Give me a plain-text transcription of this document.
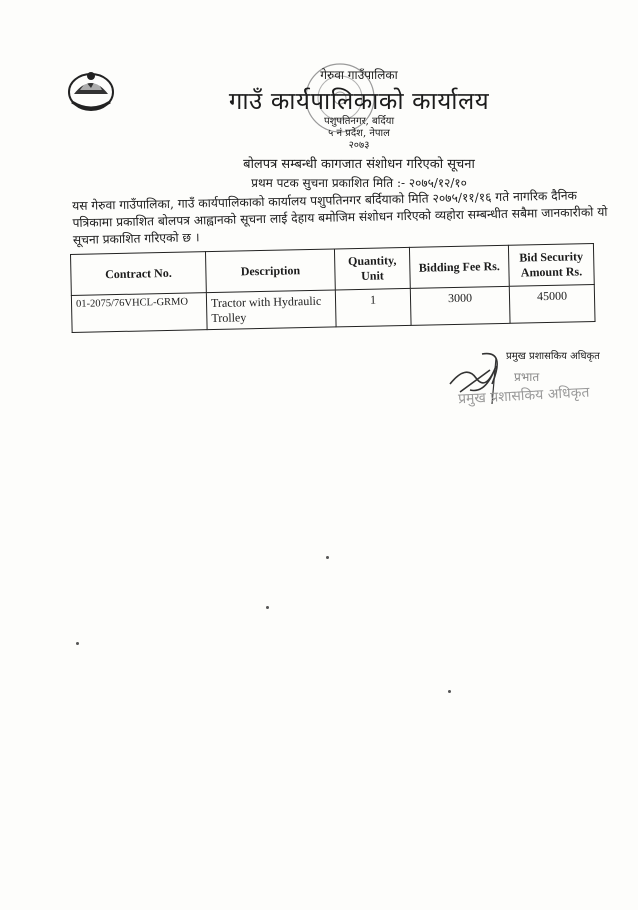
गेरुवा गाउँपालिका
गाउँ कार्यपालिकाको कार्यालय
पशुपतिनगर, बर्दिया
५ नं प्रदेश, नेपाल
२०७३
बोलपत्र सम्बन्धी कागजात संशोधन गरिएको सूचना
प्रथम पटक सुचना प्रकाशित मिति :- २०७५/१२/१०
यस गेरुवा गाउँपालिका, गाउँ कार्यपालिकाको कार्यालय पशुपतिनगर बर्दियाको मिति २०७५/११/१६ गते नागरिक दैनिक पत्रिकामा प्रकाशित बोलपत्र आह्वानको सूचना लाई देहाय बमोजिम संशोधन गरिएको व्यहोरा सम्बन्धीत सबैमा जानकारीको यो सूचना प्रकाशित गरिएको छ ।
Contract No.	Description	Quantity, Unit	Bidding Fee Rs.	Bid Security Amount Rs.
01-2075/76VHCL-GRMO	Tractor with Hydraulic Trolley	1	3000	45000
प्रमुख प्रशासकिय अधिकृत
प्रभात
प्रमुख प्रशासकिय अधिकृत
